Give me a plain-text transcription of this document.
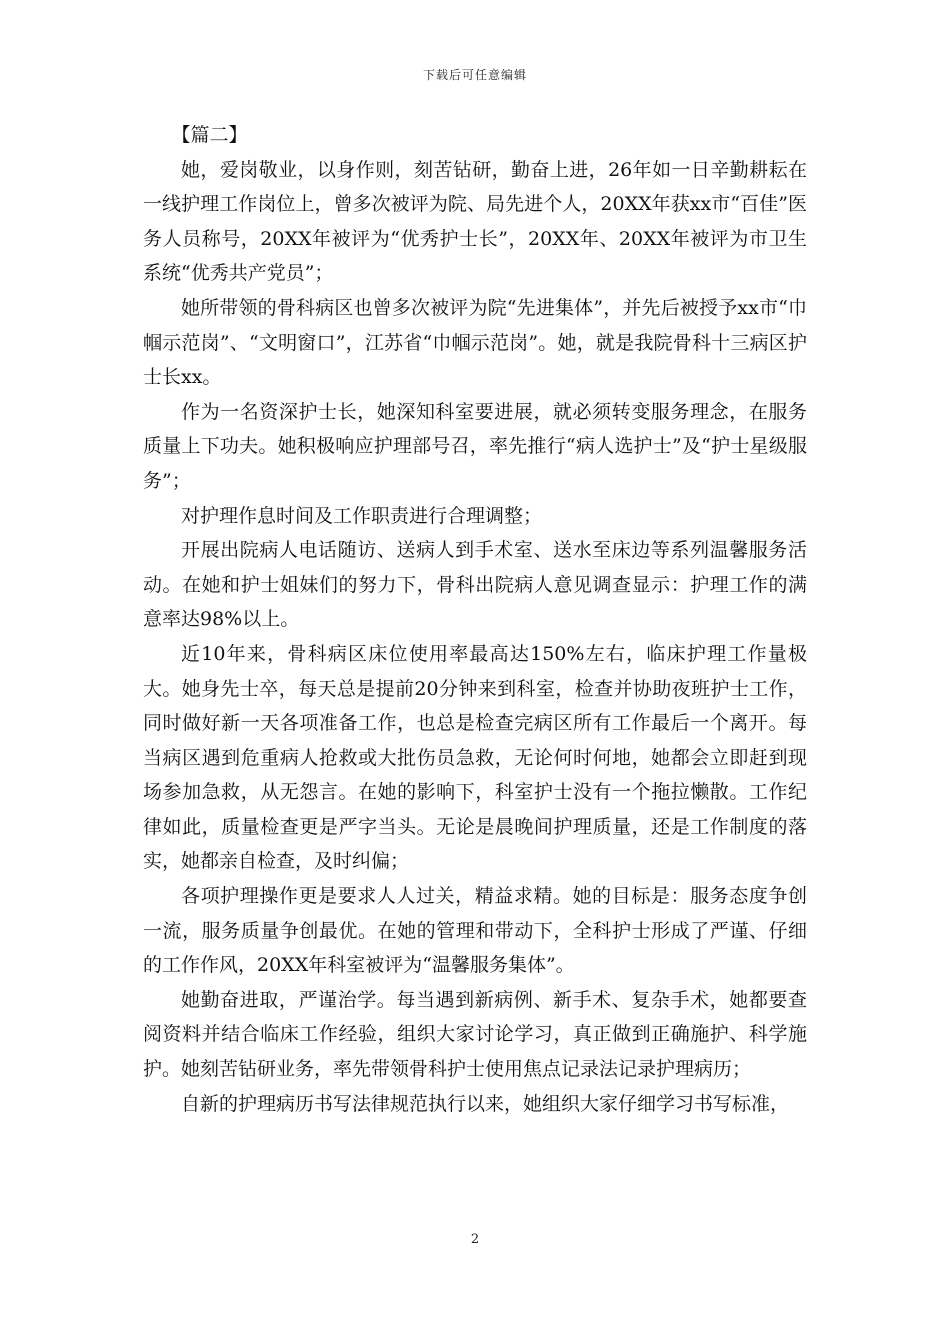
下载后可任意编辑

【篇二】

她，爱岗敬业，以身作则，刻苦钻研，勤奋上进，26年如一日辛勤耕耘在一线护理工作岗位上，曾多次被评为院、局先进个人，20XX年获xx市“百佳”医务人员称号，20XX年被评为“优秀护士长”，20XX年、20XX年被评为市卫生系统“优秀共产党员”；

她所带领的骨科病区也曾多次被评为院“先进集体”，并先后被授予xx市“巾帼示范岗”、“文明窗口”，江苏省“巾帼示范岗”。她，就是我院骨科十三病区护士长xx。

作为一名资深护士长，她深知科室要进展，就必须转变服务理念，在服务质量上下功夫。她积极响应护理部号召，率先推行“病人选护士”及“护士星级服务”；

对护理作息时间及工作职责进行合理调整；

开展出院病人电话随访、送病人到手术室、送水至床边等系列温馨服务活动。在她和护士姐妹们的努力下，骨科出院病人意见调查显示：护理工作的满意率达98%以上。

近10年来，骨科病区床位使用率最高达150%左右，临床护理工作量极大。她身先士卒，每天总是提前20分钟来到科室，检查并协助夜班护士工作，同时做好新一天各项准备工作，也总是检查完病区所有工作最后一个离开。每当病区遇到危重病人抢救或大批伤员急救，无论何时何地，她都会立即赶到现场参加急救，从无怨言。在她的影响下，科室护士没有一个拖拉懒散。工作纪律如此，质量检查更是严字当头。无论是晨晚间护理质量，还是工作制度的落实，她都亲自检查，及时纠偏；

各项护理操作更是要求人人过关，精益求精。她的目标是：服务态度争创一流，服务质量争创最优。在她的管理和带动下，全科护士形成了严谨、仔细的工作作风，20XX年科室被评为“温馨服务集体”。

她勤奋进取，严谨治学。每当遇到新病例、新手术、复杂手术，她都要查阅资料并结合临床工作经验，组织大家讨论学习，真正做到正确施护、科学施护。她刻苦钻研业务，率先带领骨科护士使用焦点记录法记录护理病历；

自新的护理病历书写法律规范执行以来，她组织大家仔细学习书写标准，

2
